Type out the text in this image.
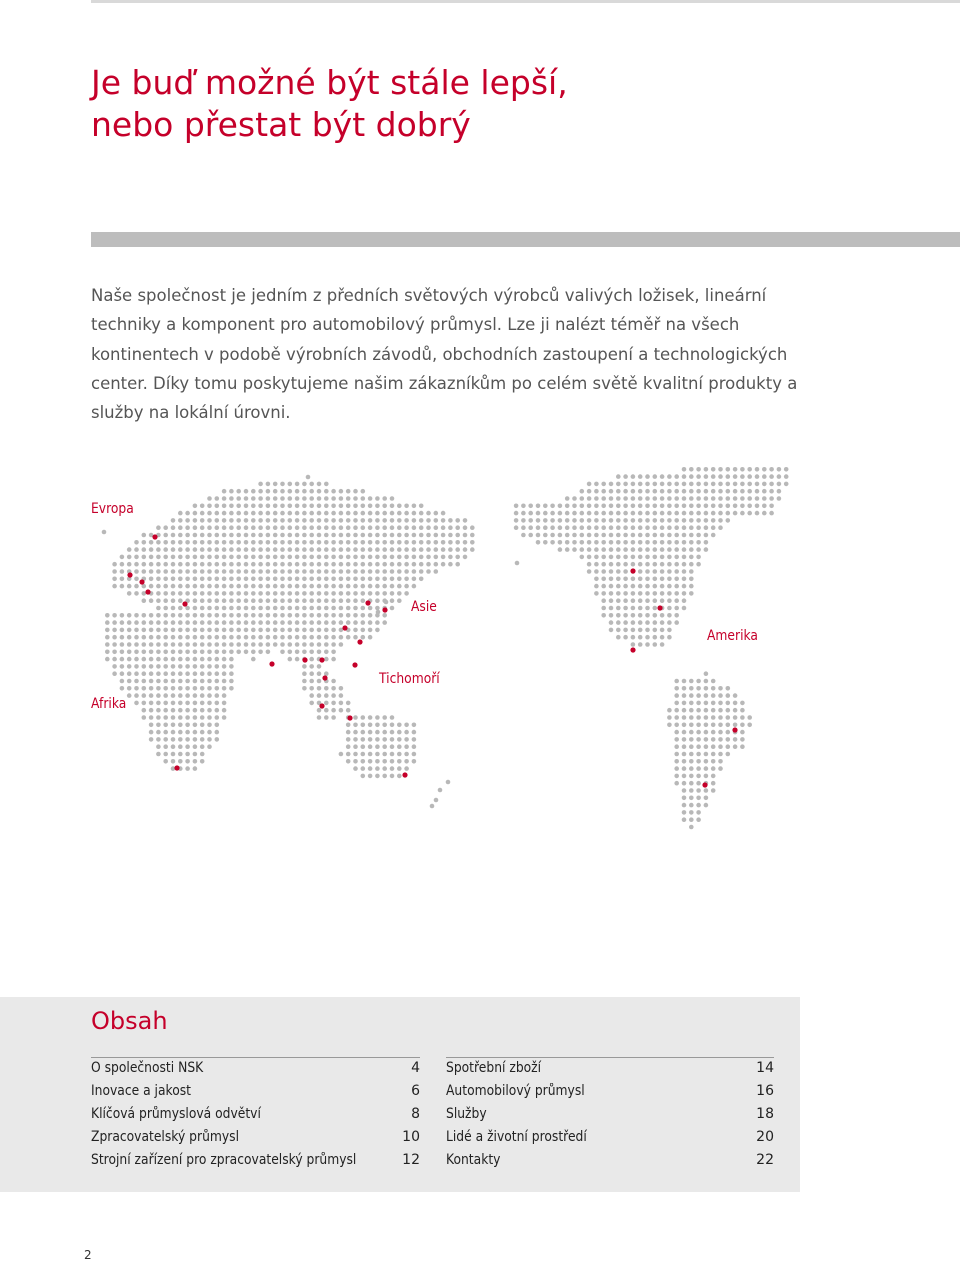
Je buď možné být stále lepší,
nebo přestat být dobrý

Naše společnost je jedním z předních světových výrobců valivých ložisek, lineární techniky a komponent pro automobilový průmysl. Lze ji nalézt téměř na všech kontinentech v podobě výrobních závodů, obchodních zastoupení a technologických center. Díky tomu poskytujeme našim zákazníkům po celém světě kvalitní produkty a služby na lokální úrovni.

Evropa
Asie
Amerika
Tichomoří
Afrika
Obsah
O společnosti NSK	4
Inovace a jakost	6
Klíčová průmyslová odvětví	8
Zpracovatelský průmysl	10
Strojní zařízení pro zpracovatelský průmysl	12
Spotřební zboží	14
Automobilový průmysl	16
Služby	18
Lidé a životní prostředí	20
Kontakty	22
2
